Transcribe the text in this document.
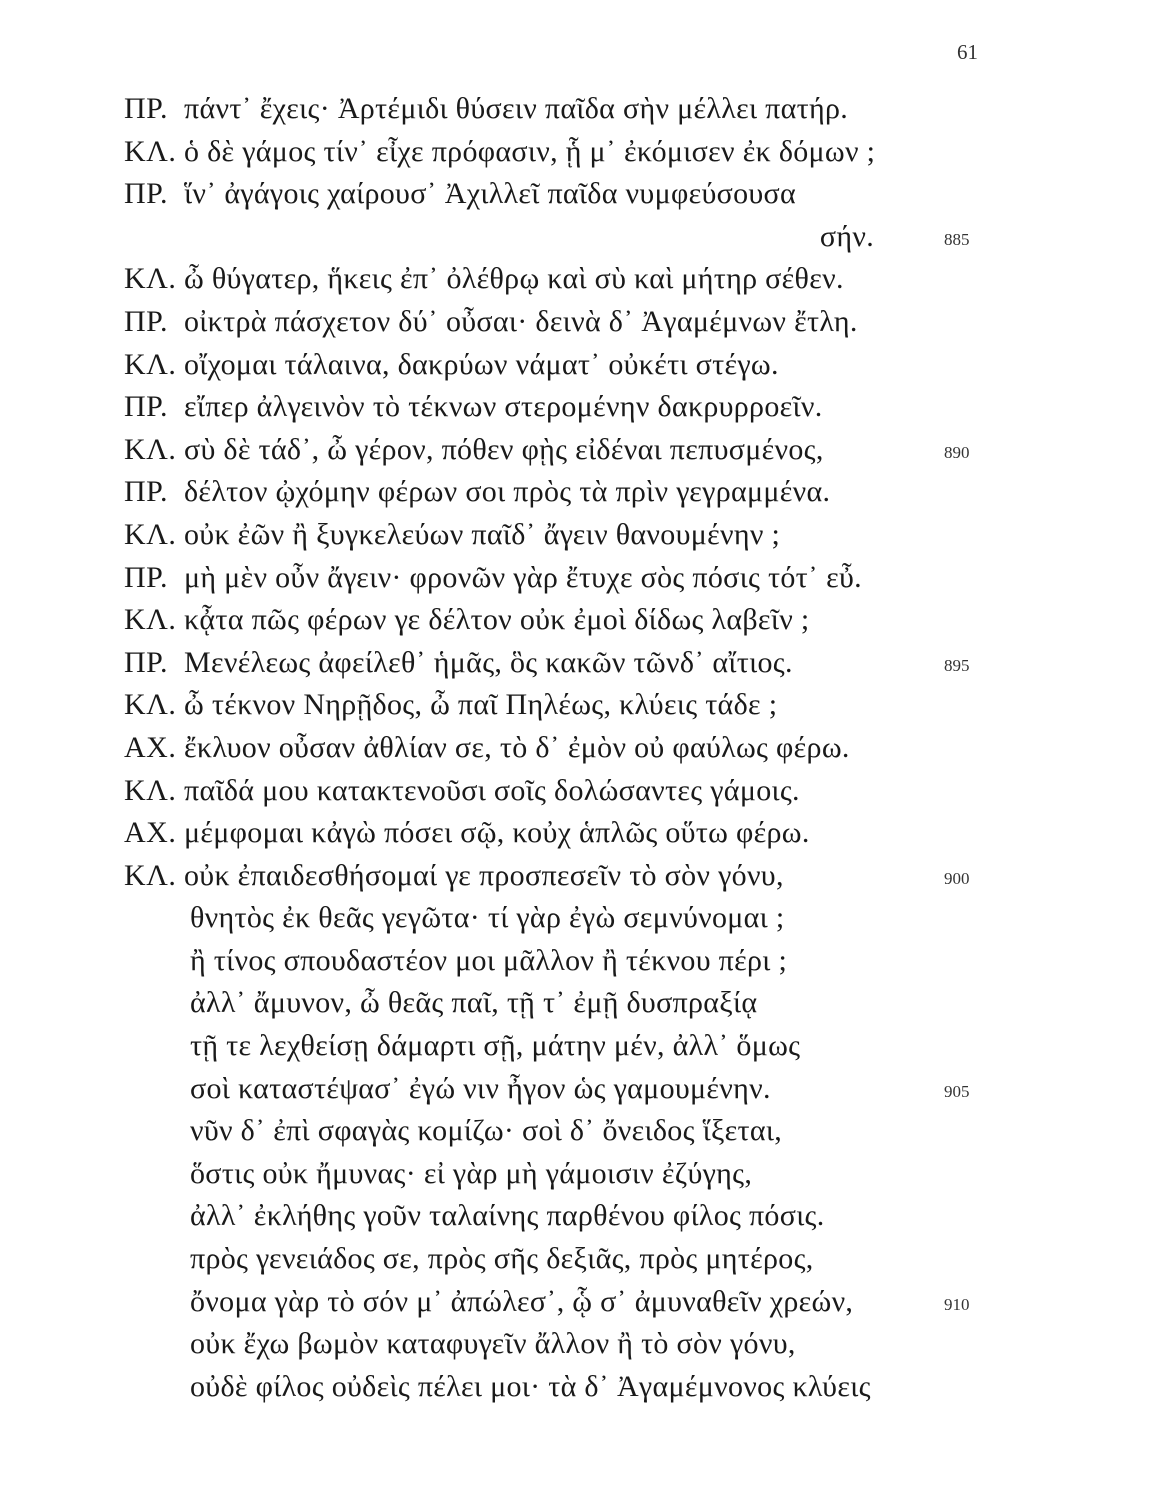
61
ΠΡ. πάντ᾽ ἔχεις· Ἀρτέμιδι θύσειν παῖδα σὴν μέλλει πατήρ.
ΚΛ. ὁ δὲ γάμος τίν᾽ εἶχε πρόφασιν, ᾗ μ᾽ ἐκόμισεν ἐκ δόμων ;
ΠΡ. ἵν᾽ ἀγάγοις χαίρουσ᾽ Ἀχιλλεῖ παῖδα νυμφεύσουσα
σήν.	885
ΚΛ. ὦ θύγατερ, ἥκεις ἐπ᾽ ὀλέθρῳ καὶ σὺ καὶ μήτηρ σέθεν.
ΠΡ. οἰκτρὰ πάσχετον δύ᾽ οὖσαι· δεινὰ δ᾽ Ἀγαμέμνων ἔτλη.
ΚΛ. οἴχομαι τάλαινα, δακρύων νάματ᾽ οὐκέτι στέγω.
ΠΡ. εἴπερ ἀλγεινὸν τὸ τέκνων στερομένην δακρυρροεῖν.
ΚΛ. σὺ δὲ τάδ᾽, ὦ γέρον, πόθεν φῂς εἰδέναι πεπυσμένος,	890
ΠΡ. δέλτον ᾠχόμην φέρων σοι πρὸς τὰ πρὶν γεγραμμένα.
ΚΛ. οὐκ ἐῶν ἢ ξυγκελεύων παῖδ᾽ ἄγειν θανουμένην ;
ΠΡ. μὴ μὲν οὖν ἄγειν· φρονῶν γὰρ ἔτυχε σὸς πόσις τότ᾽ εὖ.
ΚΛ. κᾆτα πῶς φέρων γε δέλτον οὐκ ἐμοὶ δίδως λαβεῖν ;
ΠΡ. Μενέλεως ἀφείλεθ᾽ ἡμᾶς, ὃς κακῶν τῶνδ᾽ αἴτιος.	895
ΚΛ. ὦ τέκνον Νηρῇδος, ὦ παῖ Πηλέως, κλύεις τάδε ;
ΑΧ. ἔκλυον οὖσαν ἀθλίαν σε, τὸ δ᾽ ἐμὸν οὐ φαύλως φέρω.
ΚΛ. παῖδά μου κατακτενοῦσι σοῖς δολώσαντες γάμοις.
ΑΧ. μέμφομαι κἀγὼ πόσει σῷ, κοὐχ ἁπλῶς οὕτω φέρω.
ΚΛ. οὐκ ἐπαιδεσθήσομαί γε προσπεσεῖν τὸ σὸν γόνυ,	900
θνητὸς ἐκ θεᾶς γεγῶτα· τί γὰρ ἐγὼ σεμνύνομαι ;
ἢ τίνος σπουδαστέον μοι μᾶλλον ἢ τέκνου πέρι ;
ἀλλ᾽ ἄμυνον, ὦ θεᾶς παῖ, τῇ τ᾽ ἐμῇ δυσπραξίᾳ
τῇ τε λεχθείσῃ δάμαρτι σῇ, μάτην μέν, ἀλλ᾽ ὅμως
σοὶ καταστέψασ᾽ ἐγώ νιν ἦγον ὡς γαμουμένην.	905
νῦν δ᾽ ἐπὶ σφαγὰς κομίζω· σοὶ δ᾽ ὄνειδος ἵξεται,
ὅστις οὐκ ἤμυνας· εἰ γὰρ μὴ γάμοισιν ἐζύγης,
ἀλλ᾽ ἐκλήθης γοῦν ταλαίνης παρθένου φίλος πόσις.
πρὸς γενειάδος σε, πρὸς σῆς δεξιᾶς, πρὸς μητέρος,
ὄνομα γὰρ τὸ σόν μ᾽ ἀπώλεσ᾽, ᾧ σ᾽ ἀμυναθεῖν χρεών,	910
οὐκ ἔχω βωμὸν καταφυγεῖν ἄλλον ἢ τὸ σὸν γόνυ,
οὐδὲ φίλος οὐδεὶς πέλει μοι· τὰ δ᾽ Ἀγαμέμνονος κλύεις
